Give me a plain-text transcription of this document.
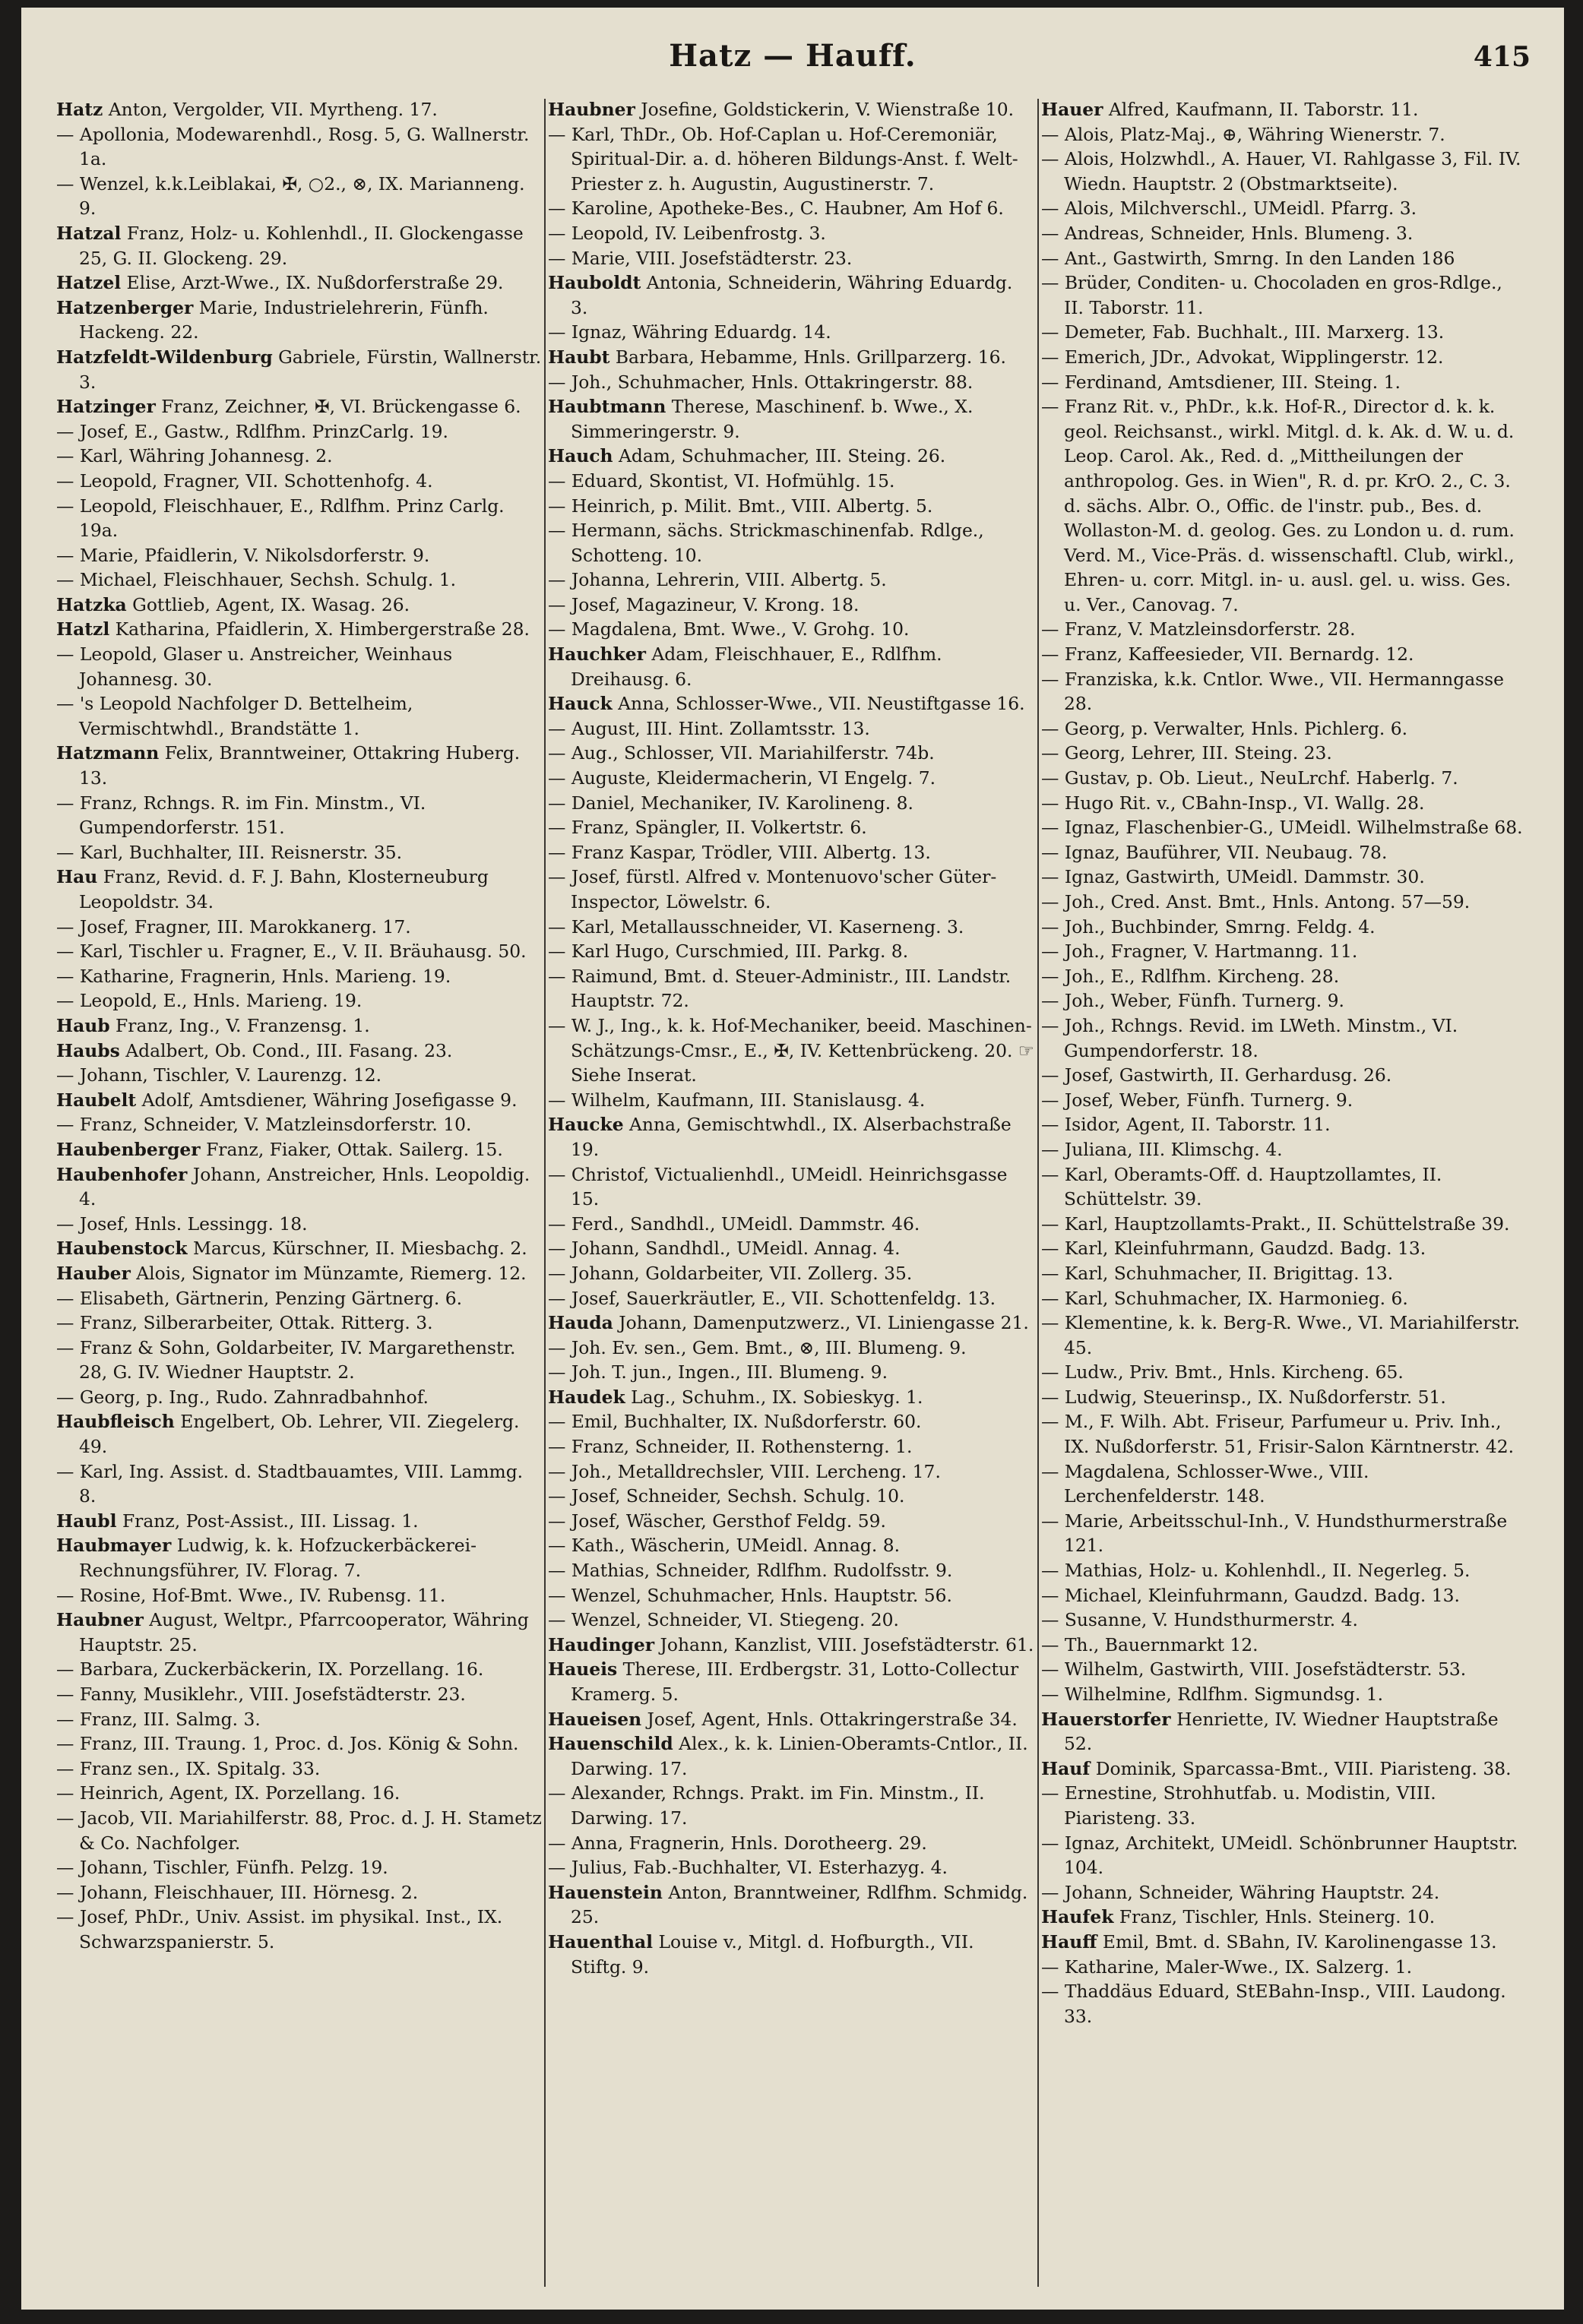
Hatz — Hauff.	415

Hatz Anton, Vergolder, VII. Myrtheng. 17.

— Apollonia, Modewarenhdl., Rosg. 5, G. Wallnerstr. 1a.

— Wenzel, k.k.Leiblakai, ✠, ○2., ⊗, IX. Marianneng. 9.

Hatzal Franz, Holz- u. Kohlenhdl., II. Glockengasse 25, G. II. Glockeng. 29.

Hatzel Elise, Arzt-Wwe., IX. Nußdorferstraße 29.

Hatzenberger Marie, Industrielehrerin, Fünfh. Hackeng. 22.

Hatzfeldt-Wildenburg Gabriele, Fürstin, Wallnerstr. 3.

Hatzinger Franz, Zeichner, ✠, VI. Brückengasse 6.

— Josef, E., Gastw., Rdlfhm. PrinzCarlg. 19.

— Karl, Währing Johannesg. 2.

— Leopold, Fragner, VII. Schottenhofg. 4.

— Leopold, Fleischhauer, E., Rdlfhm. Prinz Carlg. 19a.

— Marie, Pfaidlerin, V. Nikolsdorferstr. 9.

— Michael, Fleischhauer, Sechsh. Schulg. 1.

Hatzka Gottlieb, Agent, IX. Wasag. 26.

Hatzl Katharina, Pfaidlerin, X. Himbergerstraße 28.

— Leopold, Glaser u. Anstreicher, Weinhaus Johannesg. 30.

— 's Leopold Nachfolger D. Bettelheim, Vermischtwhdl., Brandstätte 1.

Hatzmann Felix, Branntweiner, Ottakring Huberg. 13.

— Franz, Rchngs. R. im Fin. Minstm., VI. Gumpendorferstr. 151.

— Karl, Buchhalter, III. Reisnerstr. 35.

Hau Franz, Revid. d. F. J. Bahn, Klosterneuburg Leopoldstr. 34.

— Josef, Fragner, III. Marokkanerg. 17.

— Karl, Tischler u. Fragner, E., V. II. Bräuhausg. 50.

— Katharine, Fragnerin, Hnls. Marieng. 19.

— Leopold, E., Hnls. Marieng. 19.

Haub Franz, Ing., V. Franzensg. 1.

Haubs Adalbert, Ob. Cond., III. Fasang. 23.

— Johann, Tischler, V. Laurenzg. 12.

Haubelt Adolf, Amtsdiener, Währing Josefigasse 9.

— Franz, Schneider, V. Matzleinsdorferstr. 10.

Haubenberger Franz, Fiaker, Ottak. Sailerg. 15.

Haubenhofer Johann, Anstreicher, Hnls. Leopoldig. 4.

— Josef, Hnls. Lessingg. 18.

Haubenstock Marcus, Kürschner, II. Miesbachg. 2.

Hauber Alois, Signator im Münzamte, Riemerg. 12.

— Elisabeth, Gärtnerin, Penzing Gärtnerg. 6.

— Franz, Silberarbeiter, Ottak. Ritterg. 3.

— Franz & Sohn, Goldarbeiter, IV. Margarethenstr. 28, G. IV. Wiedner Hauptstr. 2.

— Georg, p. Ing., Rudo. Zahnradbahnhof.

Haubfleisch Engelbert, Ob. Lehrer, VII. Ziegelerg. 49.

— Karl, Ing. Assist. d. Stadtbauamtes, VIII. Lammg. 8.

Haubl Franz, Post-Assist., III. Lissag. 1.

Haubmayer Ludwig, k. k. Hofzuckerbäckerei-Rechnungsführer, IV. Florag. 7.

— Rosine, Hof-Bmt. Wwe., IV. Rubensg. 11.

Haubner August, Weltpr., Pfarrcooperator, Währing Hauptstr. 25.

— Barbara, Zuckerbäckerin, IX. Porzellang. 16.

— Fanny, Musiklehr., VIII. Josefstädterstr. 23.

— Franz, III. Salmg. 3.

— Franz, III. Traung. 1, Proc. d. Jos. König & Sohn.

— Franz sen., IX. Spitalg. 33.

— Heinrich, Agent, IX. Porzellang. 16.

— Jacob, VII. Mariahilferstr. 88, Proc. d. J. H. Stametz & Co. Nachfolger.

— Johann, Tischler, Fünfh. Pelzg. 19.

— Johann, Fleischhauer, III. Hörnesg. 2.

— Josef, PhDr., Univ. Assist. im physikal. Inst., IX. Schwarzspanierstr. 5.

Haubner Josefine, Goldstickerin, V. Wienstraße 10.

— Karl, ThDr., Ob. Hof-Caplan u. Hof-Ceremoniär, Spiritual-Dir. a. d. höheren Bildungs-Anst. f. Welt-Priester z. h. Augustin, Augustinerstr. 7.

— Karoline, Apotheke-Bes., C. Haubner, Am Hof 6.

— Leopold, IV. Leibenfrostg. 3.

— Marie, VIII. Josefstädterstr. 23.

Hauboldt Antonia, Schneiderin, Währing Eduardg. 3.

— Ignaz, Währing Eduardg. 14.

Haubt Barbara, Hebamme, Hnls. Grillparzerg. 16.

— Joh., Schuhmacher, Hnls. Ottakringerstr. 88.

Haubtmann Therese, Maschinenf. b. Wwe., X. Simmeringerstr. 9.

Hauch Adam, Schuhmacher, III. Steing. 26.

— Eduard, Skontist, VI. Hofmühlg. 15.

— Heinrich, p. Milit. Bmt., VIII. Albertg. 5.

— Hermann, sächs. Strickmaschinenfab. Rdlge., Schotteng. 10.

— Johanna, Lehrerin, VIII. Albertg. 5.

— Josef, Magazineur, V. Krong. 18.

— Magdalena, Bmt. Wwe., V. Grohg. 10.

Hauchker Adam, Fleischhauer, E., Rdlfhm. Dreihausg. 6.

Hauck Anna, Schlosser-Wwe., VII. Neustiftgasse 16.

— August, III. Hint. Zollamtsstr. 13.

— Aug., Schlosser, VII. Mariahilferstr. 74b.

— Auguste, Kleidermacherin, VI Engelg. 7.

— Daniel, Mechaniker, IV. Karolineng. 8.

— Franz, Spängler, II. Volkertstr. 6.

— Franz Kaspar, Trödler, VIII. Albertg. 13.

— Josef, fürstl. Alfred v. Montenuovo'scher Güter-Inspector, Löwelstr. 6.

— Karl, Metallausschneider, VI. Kaserneng. 3.

— Karl Hugo, Curschmied, III. Parkg. 8.

— Raimund, Bmt. d. Steuer-Administr., III. Landstr. Hauptstr. 72.

— W. J., Ing., k. k. Hof-Mechaniker, beeid. Maschinen-Schätzungs-Cmsr., E., ✠, IV. Kettenbrückeng. 20. ☞ Siehe Inserat.

— Wilhelm, Kaufmann, III. Stanislausg. 4.

Haucke Anna, Gemischtwhdl., IX. Alserbachstraße 19.

— Christof, Victualienhdl., UMeidl. Heinrichsgasse 15.

— Ferd., Sandhdl., UMeidl. Dammstr. 46.

— Johann, Sandhdl., UMeidl. Annag. 4.

— Johann, Goldarbeiter, VII. Zollerg. 35.

— Josef, Sauerkräutler, E., VII. Schottenfeldg. 13.

Hauda Johann, Damenputzwerz., VI. Liniengasse 21.

— Joh. Ev. sen., Gem. Bmt., ⊗, III. Blumeng. 9.

— Joh. T. jun., Ingen., III. Blumeng. 9.

Haudek Lag., Schuhm., IX. Sobieskyg. 1.

— Emil, Buchhalter, IX. Nußdorferstr. 60.

— Franz, Schneider, II. Rothensterng. 1.

— Joh., Metalldrechsler, VIII. Lercheng. 17.

— Josef, Schneider, Sechsh. Schulg. 10.

— Josef, Wäscher, Gersthof Feldg. 59.

— Kath., Wäscherin, UMeidl. Annag. 8.

— Mathias, Schneider, Rdlfhm. Rudolfsstr. 9.

— Wenzel, Schuhmacher, Hnls. Hauptstr. 56.

— Wenzel, Schneider, VI. Stiegeng. 20.

Haudinger Johann, Kanzlist, VIII. Josefstädterstr. 61.

Haueis Therese, III. Erdbergstr. 31, Lotto-Collectur Kramerg. 5.

Haueisen Josef, Agent, Hnls. Ottakringerstraße 34.

Hauenschild Alex., k. k. Linien-Oberamts-Cntlor., II. Darwing. 17.

— Alexander, Rchngs. Prakt. im Fin. Minstm., II. Darwing. 17.

— Anna, Fragnerin, Hnls. Dorotheerg. 29.

— Julius, Fab.-Buchhalter, VI. Esterhazyg. 4.

Hauenstein Anton, Branntweiner, Rdlfhm. Schmidg. 25.

Hauenthal Louise v., Mitgl. d. Hofburgth., VII. Stiftg. 9.

Hauer Alfred, Kaufmann, II. Taborstr. 11.

— Alois, Platz-Maj., ⊕, Währing Wienerstr. 7.

— Alois, Holzwhdl., A. Hauer, VI. Rahlgasse 3, Fil. IV. Wiedn. Hauptstr. 2 (Obstmarktseite).

— Alois, Milchverschl., UMeidl. Pfarrg. 3.

— Andreas, Schneider, Hnls. Blumeng. 3.

— Ant., Gastwirth, Smrng. In den Landen 186

— Brüder, Conditen- u. Chocoladen en gros-Rdlge., II. Taborstr. 11.

— Demeter, Fab. Buchhalt., III. Marxerg. 13.

— Emerich, JDr., Advokat, Wipplingerstr. 12.

— Ferdinand, Amtsdiener, III. Steing. 1.

— Franz Rit. v., PhDr., k.k. Hof-R., Director d. k. k. geol. Reichsanst., wirkl. Mitgl. d. k. Ak. d. W. u. d. Leop. Carol. Ak., Red. d. „Mittheilungen der anthropolog. Ges. in Wien", R. d. pr. KrO. 2., C. 3. d. sächs. Albr. O., Offic. de l'instr. pub., Bes. d. Wollaston-M. d. geolog. Ges. zu London u. d. rum. Verd. M., Vice-Präs. d. wissenschaftl. Club, wirkl., Ehren- u. corr. Mitgl. in- u. ausl. gel. u. wiss. Ges. u. Ver., Canovag. 7.

— Franz, V. Matzleinsdorferstr. 28.

— Franz, Kaffeesieder, VII. Bernardg. 12.

— Franziska, k.k. Cntlor. Wwe., VII. Hermanngasse 28.

— Georg, p. Verwalter, Hnls. Pichlerg. 6.

— Georg, Lehrer, III. Steing. 23.

— Gustav, p. Ob. Lieut., NeuLrchf. Haberlg. 7.

— Hugo Rit. v., CBahn-Insp., VI. Wallg. 28.

— Ignaz, Flaschenbier-G., UMeidl. Wilhelmstraße 68.

— Ignaz, Bauführer, VII. Neubaug. 78.

— Ignaz, Gastwirth, UMeidl. Dammstr. 30.

— Joh., Cred. Anst. Bmt., Hnls. Antong. 57—59.

— Joh., Buchbinder, Smrng. Feldg. 4.

— Joh., Fragner, V. Hartmanng. 11.

— Joh., E., Rdlfhm. Kircheng. 28.

— Joh., Weber, Fünfh. Turnerg. 9.

— Joh., Rchngs. Revid. im LWeth. Minstm., VI. Gumpendorferstr. 18.

— Josef, Gastwirth, II. Gerhardusg. 26.

— Josef, Weber, Fünfh. Turnerg. 9.

— Isidor, Agent, II. Taborstr. 11.

— Juliana, III. Klimschg. 4.

— Karl, Oberamts-Off. d. Hauptzollamtes, II. Schüttelstr. 39.

— Karl, Hauptzollamts-Prakt., II. Schüttelstraße 39.

— Karl, Kleinfuhrmann, Gaudzd. Badg. 13.

— Karl, Schuhmacher, II. Brigittag. 13.

— Karl, Schuhmacher, IX. Harmonieg. 6.

— Klementine, k. k. Berg-R. Wwe., VI. Mariahilferstr. 45.

— Ludw., Priv. Bmt., Hnls. Kircheng. 65.

— Ludwig, Steuerinsp., IX. Nußdorferstr. 51.

— M., F. Wilh. Abt. Friseur, Parfumeur u. Priv. Inh., IX. Nußdorferstr. 51, Frisir-Salon Kärntnerstr. 42.

— Magdalena, Schlosser-Wwe., VIII. Lerchenfelderstr. 148.

— Marie, Arbeitsschul-Inh., V. Hundsthurmerstraße 121.

— Mathias, Holz- u. Kohlenhdl., II. Negerleg. 5.

— Michael, Kleinfuhrmann, Gaudzd. Badg. 13.

— Susanne, V. Hundsthurmerstr. 4.

— Th., Bauernmarkt 12.

— Wilhelm, Gastwirth, VIII. Josefstädterstr. 53.

— Wilhelmine, Rdlfhm. Sigmundsg. 1.

Hauerstorfer Henriette, IV. Wiedner Hauptstraße 52.

Hauf Dominik, Sparcassa-Bmt., VIII. Piaristeng. 38.

— Ernestine, Strohhutfab. u. Modistin, VIII. Piaristeng. 33.

— Ignaz, Architekt, UMeidl. Schönbrunner Hauptstr. 104.

— Johann, Schneider, Währing Hauptstr. 24.

Haufek Franz, Tischler, Hnls. Steinerg. 10.

Hauff Emil, Bmt. d. SBahn, IV. Karolinengasse 13.

— Katharine, Maler-Wwe., IX. Salzerg. 1.

— Thaddäus Eduard, StEBahn-Insp., VIII. Laudong. 33.
